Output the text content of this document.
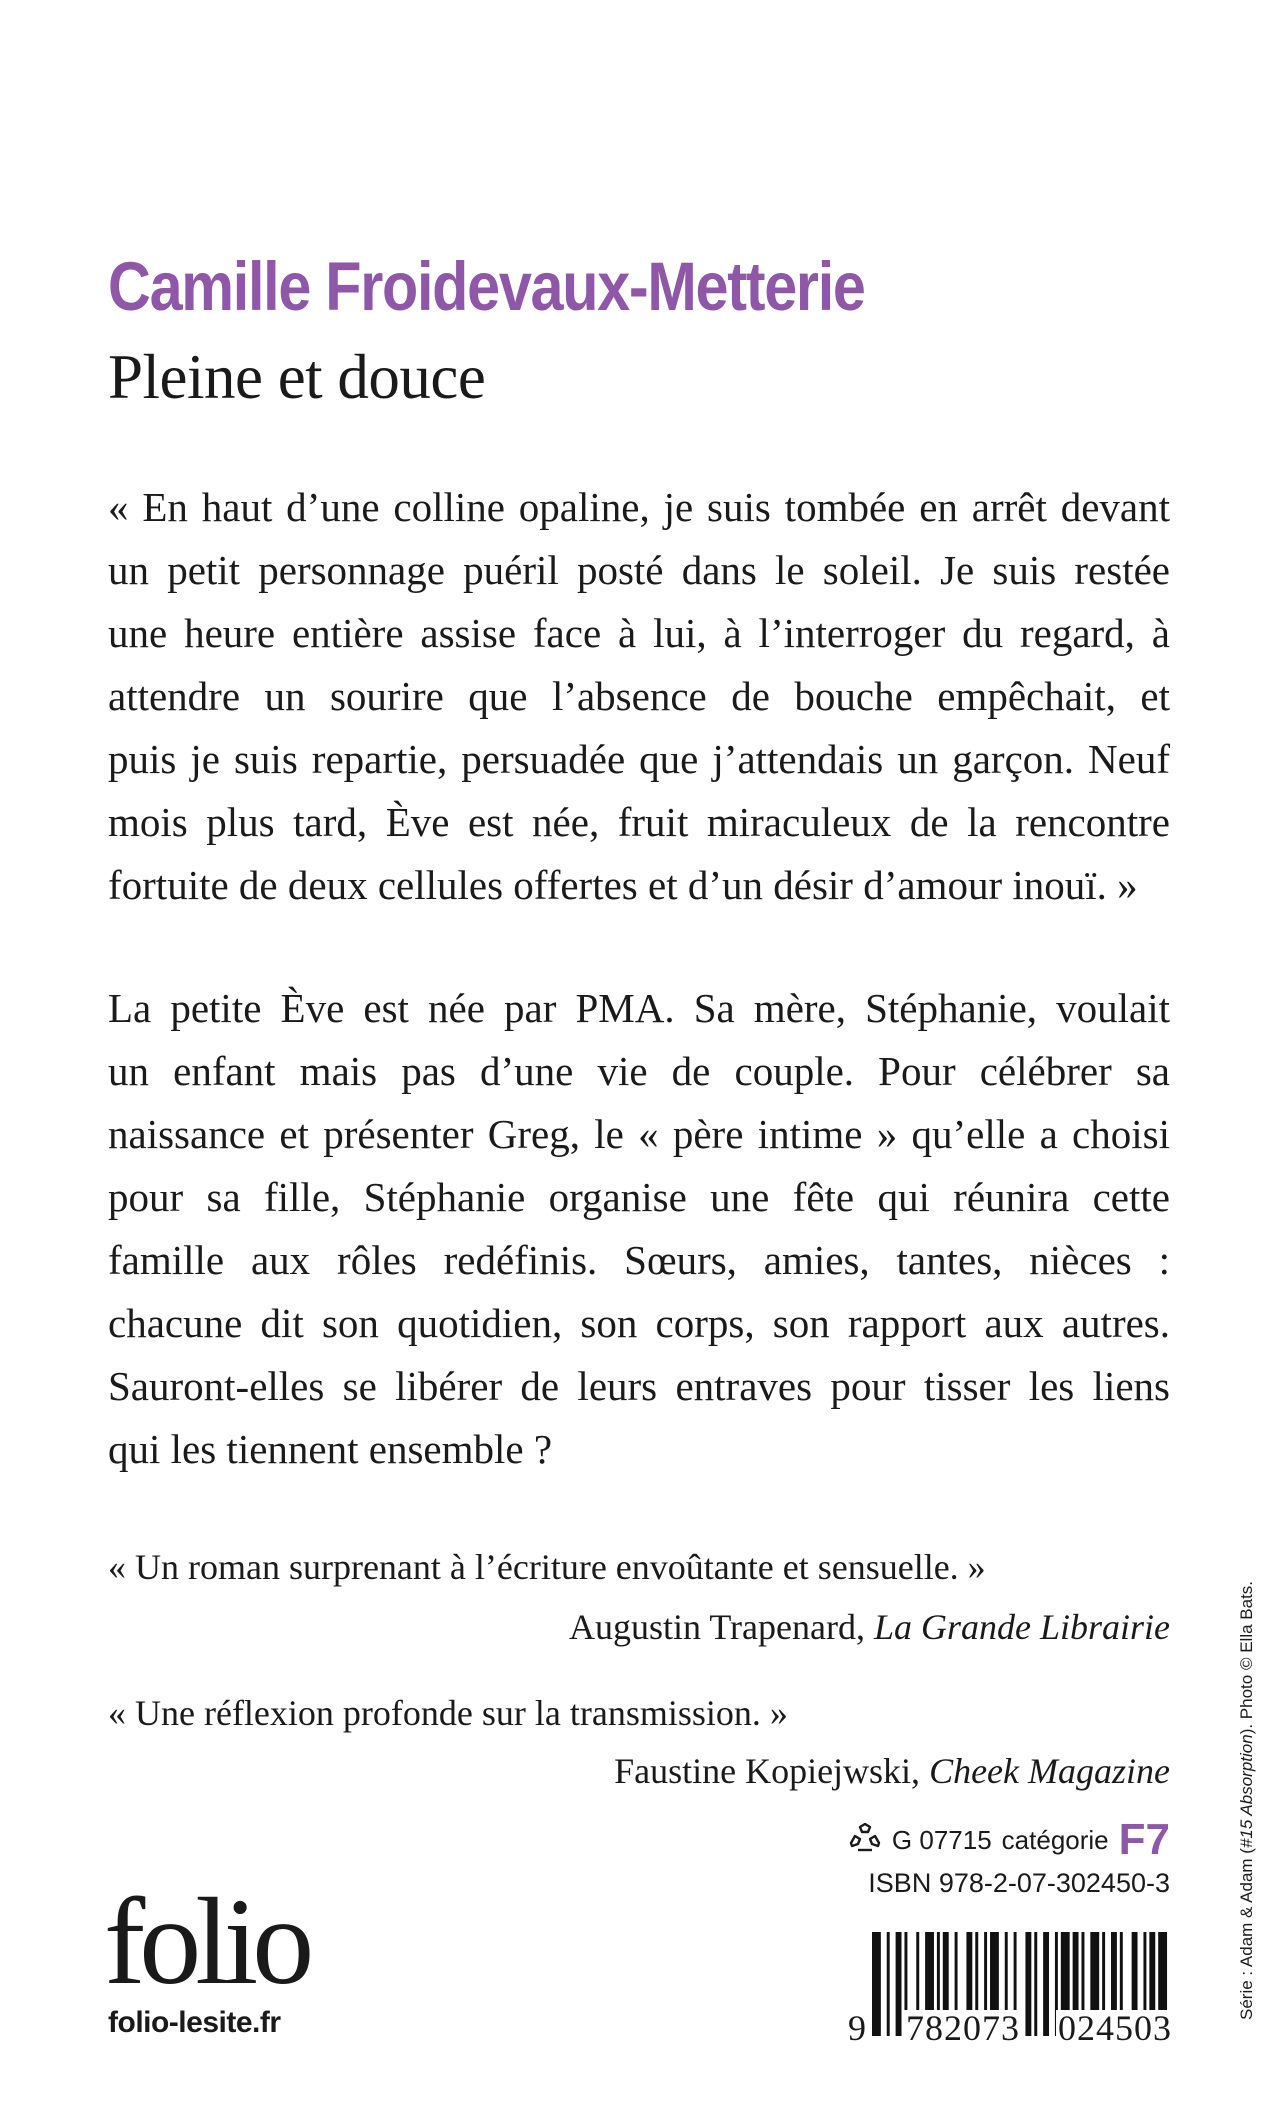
Camille Froidevaux-Metterie
Pleine et douce
« En haut d’une colline opaline, je suis tombée en arrêt devant
un petit personnage puéril posté dans le soleil. Je suis restée
une heure entière assise face à lui, à l’interroger du regard, à
attendre un sourire que l’absence de bouche empêchait, et
puis je suis repartie, persuadée que j’attendais un garçon. Neuf
mois plus tard, Ève est née, fruit miraculeux de la rencontre
fortuite de deux cellules offertes et d’un désir d’amour inouï. »
La petite Ève est née par PMA. Sa mère, Stéphanie, voulait
un enfant mais pas d’une vie de couple. Pour célébrer sa
naissance et présenter Greg, le « père intime » qu’elle a choisi
pour sa fille, Stéphanie organise une fête qui réunira cette
famille aux rôles redéfinis. Sœurs, amies, tantes, nièces :
chacune dit son quotidien, son corps, son rapport aux autres.
Sauront-elles se libérer de leurs entraves pour tisser les liens
qui les tiennent ensemble ?
« Un roman surprenant à l’écriture envoûtante et sensuelle. »
Augustin Trapenard, La Grande Librairie
« Une réflexion profonde sur la transmission. »
Faustine Kopiejwski, Cheek Magazine
G 07715 catégorie F7
ISBN 978-2-07-302450-3
folio
folio-lesite.fr	9 782073 024503
Série : Adam & Adam (#15 Absorption). Photo © Ella Bats.
